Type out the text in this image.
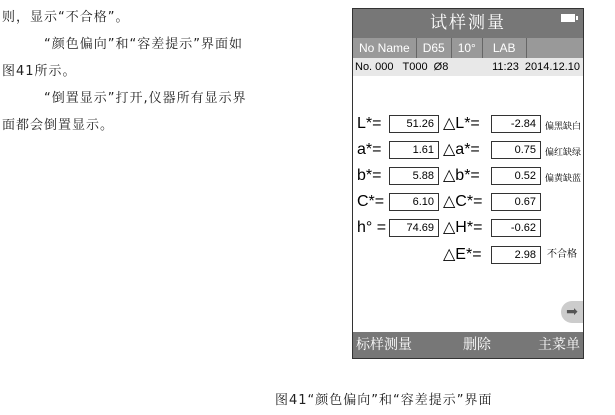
则，显示“不合格”。
　“颜色偏向”和“容差提示”界面如
图41所示。
　“倒置显示”打开,仪器所有显示界
面都会倒置显示。
试样测量
No Name	D65	10°	LAB
No. 000   T000  Ø8	11:23  2014.12.10
L*=	51.26 △L*=	-2.84	偏黑缺白
a*=	1.61 △a*=	0.75	偏红缺绿
b*=	5.88 △b*=	0.52	偏黄缺蓝
C*=	6.10 △C*=	0.67
h° =	74.69 △H*=	-0.62
△E*=	2.98	不合格
➡
标样测量	删除	主菜单
图41“颜色偏向”和“容差提示”界面
